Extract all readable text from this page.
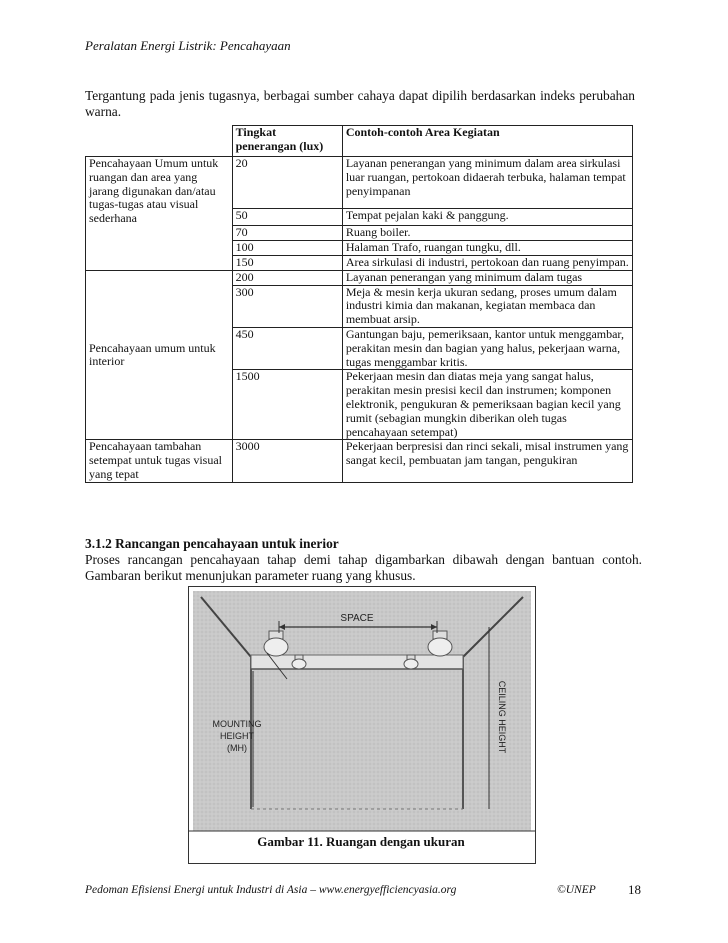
Peralatan Energi Listrik: Pencahayaan
Tergantung pada jenis tugasnya, berbagai sumber cahaya dapat dipilih berdasarkan indeks perubahan warna.
	Tingkat penerangan (lux)	Contoh-contoh Area Kegiatan
Pencahayaan Umum untuk ruangan dan area yang jarang digunakan dan/atau tugas-tugas atau visual sederhana	20	Layanan penerangan yang minimum dalam area sirkulasi luar ruangan, pertokoan didaerah terbuka, halaman tempat penyimpanan
	50	Tempat pejalan kaki & panggung.
	70	Ruang boiler.
	100	Halaman Trafo, ruangan tungku, dll.
	150	Area sirkulasi di industri, pertokoan dan ruang penyimpan.
	200	Layanan penerangan yang minimum dalam tugas
	300	Meja & mesin kerja ukuran sedang, proses umum dalam industri kimia dan makanan, kegiatan membaca dan membuat arsip.
Pencahayaan umum untuk interior	450	Gantungan baju, pemeriksaan, kantor untuk menggambar, perakitan mesin dan bagian yang halus, pekerjaan warna, tugas menggambar kritis.
	1500	Pekerjaan mesin dan diatas meja yang sangat halus, perakitan mesin presisi kecil dan instrumen; komponen elektronik, pengukuran & pemeriksaan bagian kecil yang rumit (sebagian mungkin diberikan oleh tugas pencahayaan setempat)
Pencahayaan tambahan setempat untuk tugas visual yang tepat	3000	Pekerjaan berpresisi dan rinci sekali, misal instrumen yang sangat kecil, pembuatan jam tangan, pengukiran
3.1.2 Rancangan pencahayaan untuk inerior
Proses rancangan pencahayaan tahap demi tahap digambarkan dibawah dengan bantuan contoh. Gambaran berikut menunjukan parameter ruang yang khusus.
SPACE
MOUNTING
HEIGHT
(MH)	CEILING HEIGHT
Gambar 11. Ruangan dengan ukuran
Pedoman Efisiensi Energi untuk Industri di Asia – www.energyefficiencyasia.org	©UNEP 18
